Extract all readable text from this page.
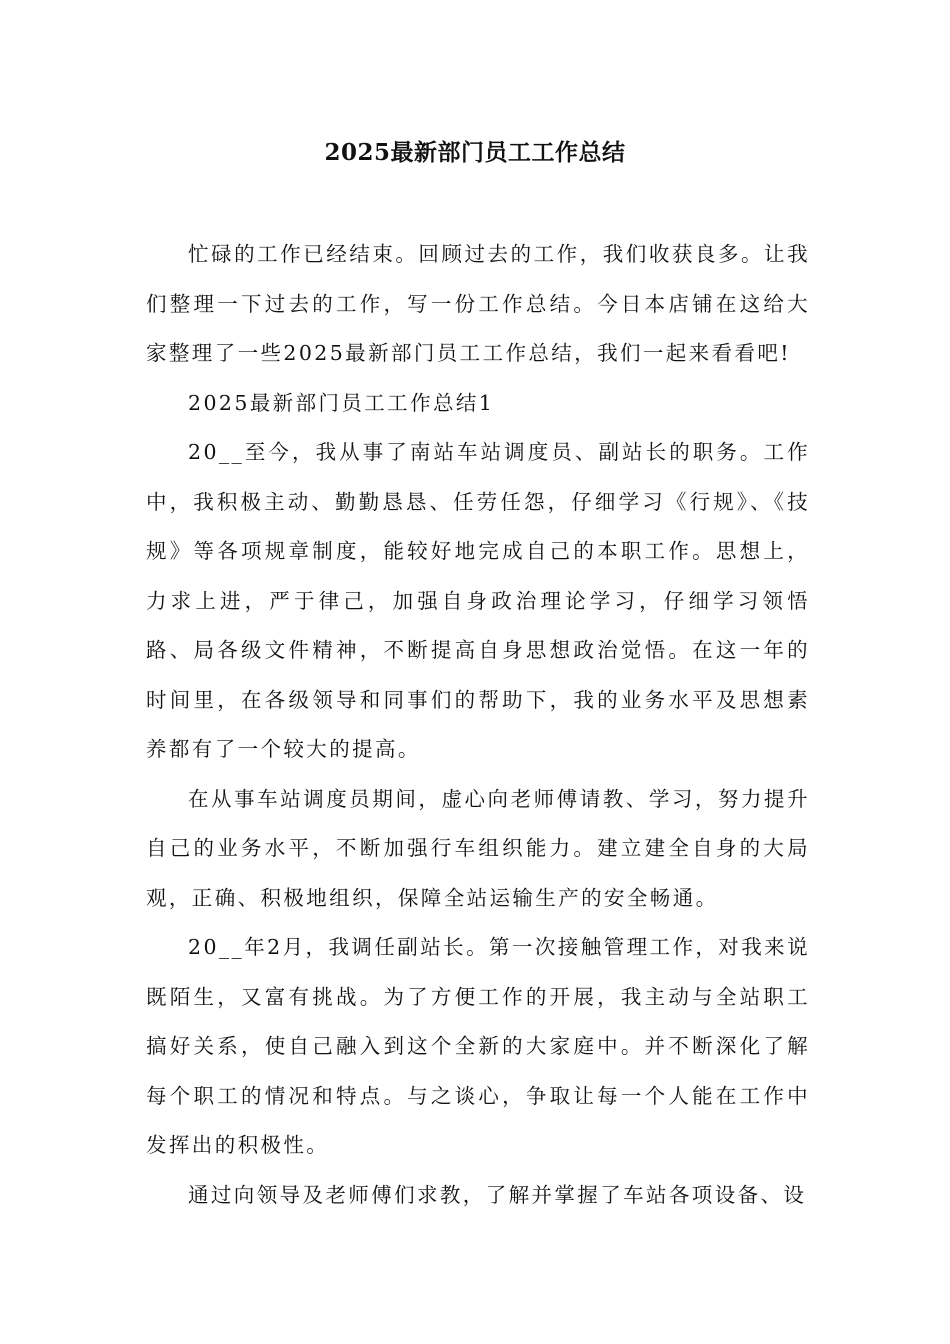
2025最新部门员工工作总结

忙碌的工作已经结束。回顾过去的工作，我们收获良多。让我们整理一下过去的工作，写一份工作总结。今日本店铺在这给大家整理了一些2025最新部门员工工作总结，我们一起来看看吧!

2025最新部门员工工作总结1

20__至今，我从事了南站车站调度员、副站长的职务。工作中，我积极主动、勤勤恳恳、任劳任怨，仔细学习《行规》、《技规》等各项规章制度，能较好地完成自己的本职工作。思想上，力求上进，严于律己，加强自身政治理论学习，仔细学习领悟路、局各级文件精神，不断提高自身思想政治觉悟。在这一年的时间里，在各级领导和同事们的帮助下，我的业务水平及思想素养都有了一个较大的提高。

在从事车站调度员期间，虚心向老师傅请教、学习，努力提升自己的业务水平，不断加强行车组织能力。建立建全自身的大局观，正确、积极地组织，保障全站运输生产的安全畅通。

20__年2月，我调任副站长。第一次接触管理工作，对我来说既陌生，又富有挑战。为了方便工作的开展，我主动与全站职工搞好关系，使自己融入到这个全新的大家庭中。并不断深化了解每个职工的情况和特点。与之谈心，争取让每一个人能在工作中发挥出的积极性。

通过向领导及老师傅们求教，了解并掌握了车站各项设备、设
